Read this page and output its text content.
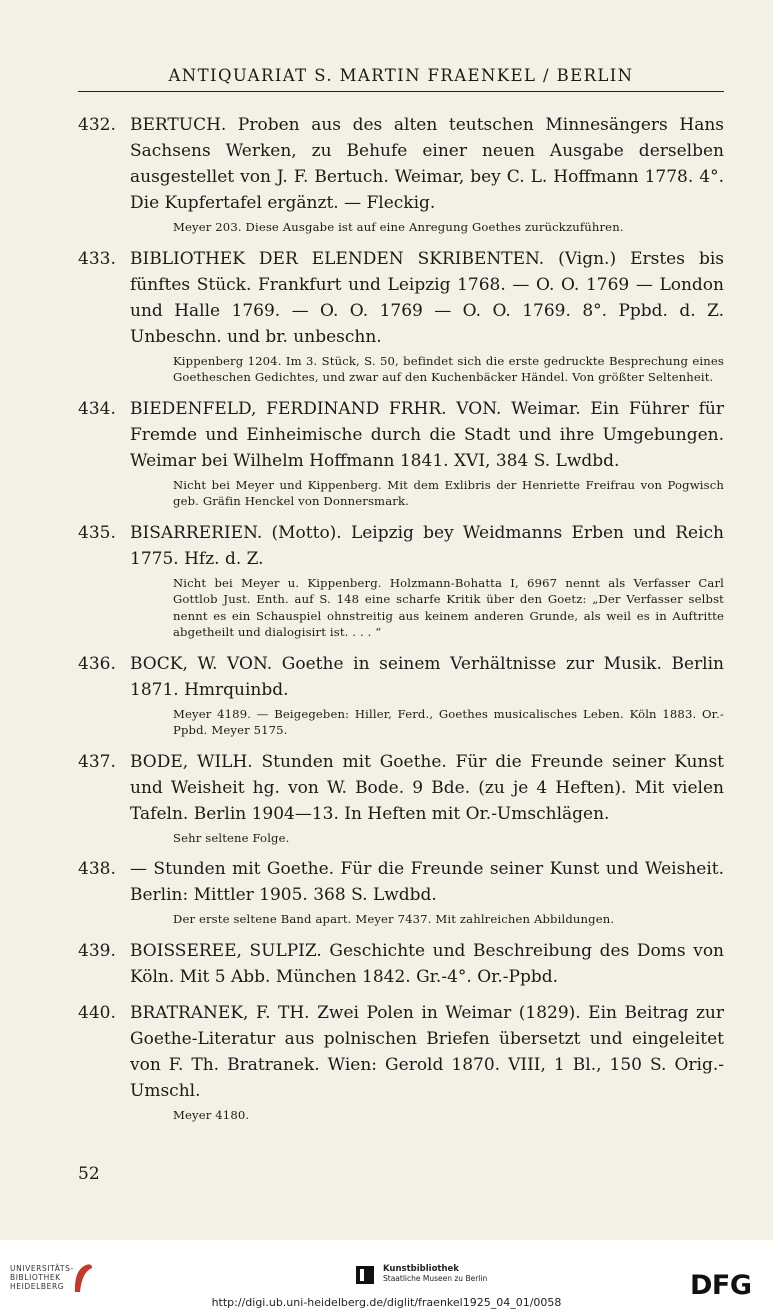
ANTIQUARIAT S. MARTIN FRAENKEL / BERLIN
432. BERTUCH. Proben aus des alten teutschen Minnesängers Hans Sachsens Werken, zu Behufe einer neuen Ausgabe derselben ausgestellet von J. F. Bertuch. Weimar, bey C. L. Hoffmann 1778. 4°. Die Kupfertafel ergänzt. — Fleckig.
Meyer 203. Diese Ausgabe ist auf eine Anregung Goethes zurückzuführen.
433. BIBLIOTHEK DER ELENDEN SKRIBENTEN. (Vign.) Erstes bis fünftes Stück. Frankfurt und Leipzig 1768. — O. O. 1769 — London und Halle 1769. — O. O. 1769 — O. O. 1769. 8°. Ppbd. d. Z. Unbeschn. und br. unbeschn.
Kippenberg 1204. Im 3. Stück, S. 50, befindet sich die erste gedruckte Besprechung eines Goetheschen Gedichtes, und zwar auf den Kuchenbäcker Händel. Von größter Seltenheit.
434. BIEDENFELD, FERDINAND FRHR. VON. Weimar. Ein Führer für Fremde und Einheimische durch die Stadt und ihre Umgebungen. Weimar bei Wilhelm Hoffmann 1841. XVI, 384 S. Lwdbd.
Nicht bei Meyer und Kippenberg. Mit dem Exlibris der Henriette Freifrau von Pogwisch geb. Gräfin Henckel von Donnersmark.
435. BISARRERIEN. (Motto). Leipzig bey Weidmanns Erben und Reich 1775. Hfz. d. Z.
Nicht bei Meyer u. Kippenberg. Holzmann-Bohatta I, 6967 nennt als Verfasser Carl Gottlob Just. Enth. auf S. 148 eine scharfe Kritik über den Goetz: „Der Verfasser selbst nennt es ein Schauspiel ohnstreitig aus keinem anderen Grunde, als weil es in Auftritte abgetheilt und dialogisirt ist. . . . “
436. BOCK, W. VON. Goethe in seinem Verhältnisse zur Musik. Berlin 1871. Hmrquinbd.
Meyer 4189. — Beigegeben: Hiller, Ferd., Goethes musicalisches Leben. Köln 1883. Or.-Ppbd. Meyer 5175.
437. BODE, WILH. Stunden mit Goethe. Für die Freunde seiner Kunst und Weisheit hg. von W. Bode. 9 Bde. (zu je 4 Heften). Mit vielen Tafeln. Berlin 1904—13. In Heften mit Or.-Umschlägen.
Sehr seltene Folge.
438. — Stunden mit Goethe. Für die Freunde seiner Kunst und Weisheit. Berlin: Mittler 1905. 368 S. Lwdbd.
Der erste seltene Band apart. Meyer 7437. Mit zahlreichen Abbildungen.
439. BOISSEREE, SULPIZ. Geschichte und Beschreibung des Doms von Köln. Mit 5 Abb. München 1842. Gr.-4°. Or.-Ppbd.
440. BRATRANEK, F. TH. Zwei Polen in Weimar (1829). Ein Beitrag zur Goethe-Literatur aus polnischen Briefen übersetzt und eingeleitet von F. Th. Bratranek. Wien: Gerold 1870. VIII, 1 Bl., 150 S. Orig.-Umschl.
Meyer 4180.
52
UNIVERSITÄTS-
BIBLIOTHEK
HEIDELBERG
Kunstbibliothek
Staatliche Museen zu Berlin	DFG
http://digi.ub.uni-heidelberg.de/diglit/fraenkel1925_04_01/0058
